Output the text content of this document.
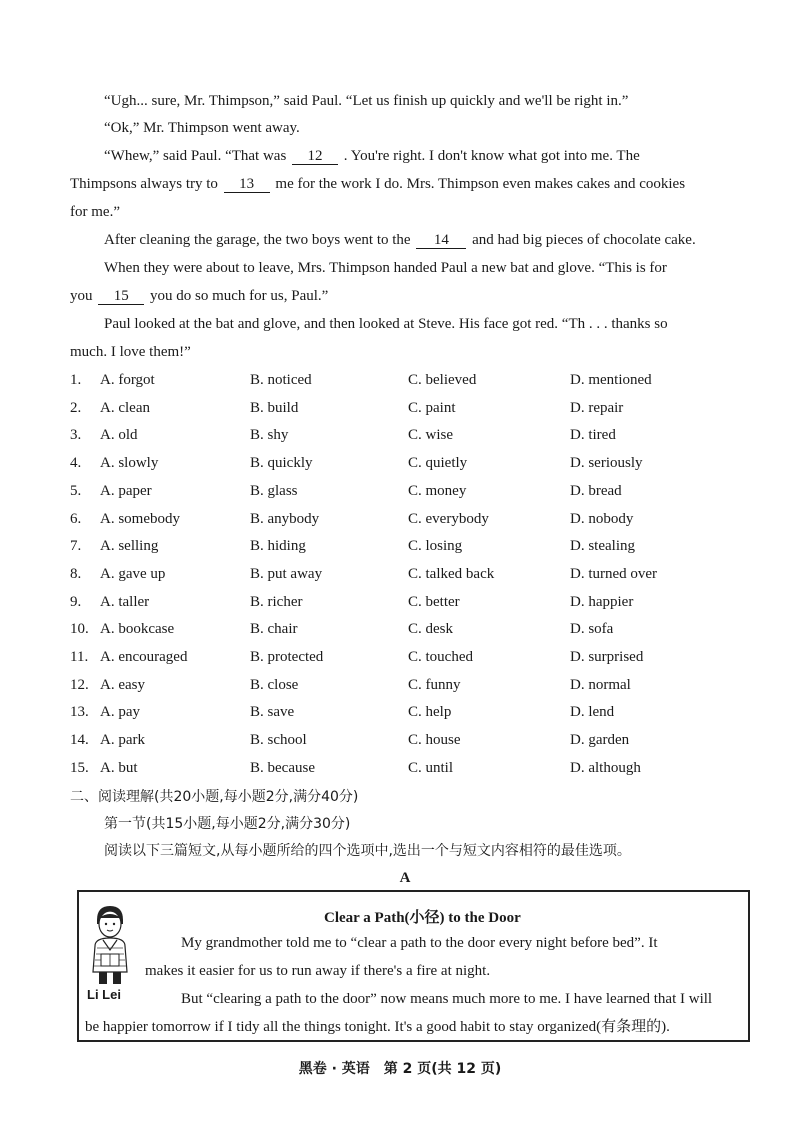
“Ugh... sure, Mr. Thimpson,” said Paul. “Let us finish up quickly and we'll be right in.”
“Ok,” Mr. Thimpson went away.
“Whew,” said Paul. “That was 12 . You're right. I don't know what got into me. The
Thimpsons always try to 13 me for the work I do. Mrs. Thimpson even makes cakes and cookies
for me.”
After cleaning the garage, the two boys went to the 14 and had big pieces of chocolate cake.
When they were about to leave, Mrs. Thimpson handed Paul a new bat and glove. “This is for
you 15 you do so much for us, Paul.”
Paul looked at the bat and glove, and then looked at Steve. His face got red. “Th . . . thanks so
much. I love them!”
1. A. forgot	B. noticed	C. believed	D. mentioned
2. A. clean	B. build	C. paint	D. repair
3. A. old	B. shy	C. wise	D. tired
4. A. slowly	B. quickly	C. quietly	D. seriously
5. A. paper	B. glass	C. money	D. bread
6. A. somebody	B. anybody	C. everybody	D. nobody
7. A. selling	B. hiding	C. losing	D. stealing
8. A. gave up	B. put away	C. talked back	D. turned over
9. A. taller	B. richer	C. better	D. happier
10. A. bookcase	B. chair	C. desk	D. sofa
11. A. encouraged	B. protected	C. touched	D. surprised
12. A. easy	B. close	C. funny	D. normal
13. A. pay	B. save	C. help	D. lend
14. A. park	B. school	C. house	D. garden
15. A. but	B. because	C. until	D. although
二、阅读理解(共20小题,每小题2分,满分40分)
第一节(共15小题,每小题2分,满分30分)
阅读以下三篇短文,从每小题所给的四个选项中,选出一个与短文内容相符的最佳选项。
A
Li Lei
Clear a Path(小径) to the Door
My grandmother told me to “clear a path to the door every night before bed”. It
makes it easier for us to run away if there's a fire at night.
But “clearing a path to the door” now means much more to me. I have learned that I will
be happier tomorrow if I tidy all the things tonight. It's a good habit to stay organized(有条理的).
黑卷 · 英语　第 2 页(共 12 页)
